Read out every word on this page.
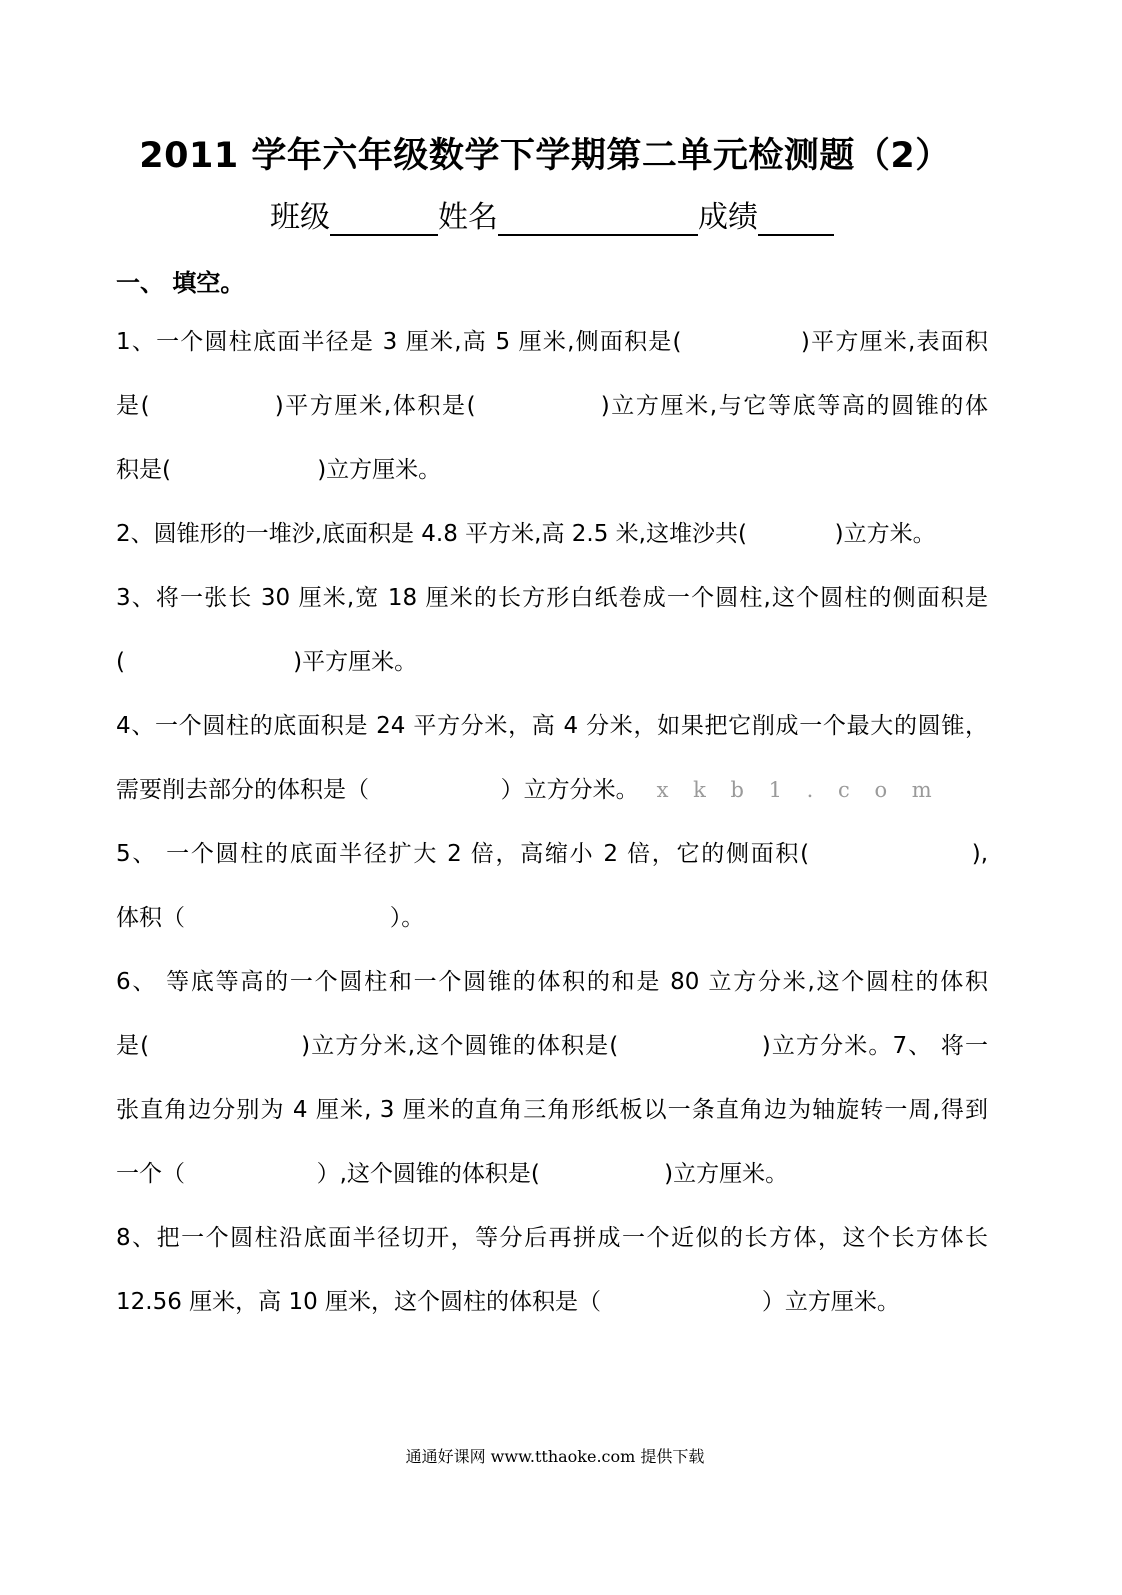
2011 学年六年级数学下学期第二单元检测题（2）
班级	姓名	成绩
一、 填空。
1、一个圆柱底面半径是 3 厘米,高 5 厘米,侧面积是(              )平方厘米,表面积
是(              )平方厘米,体积是(              )立方厘米,与它等底等高的圆锥的体
积是(                    )立方厘米。
2、圆锥形的一堆沙,底面积是 4.8 平方米,高 2.5 米,这堆沙共(            )立方米。
3、将一张长 30 厘米,宽 18 厘米的长方形白纸卷成一个圆柱,这个圆柱的侧面积是
(                       )平方厘米。
4、一个圆柱的底面积是 24 平方分米，高 4 分米，如果把它削成一个最大的圆锥，
需要削去部分的体积是（                  ）立方分米。 x k b 1 . c o m
5、 一个圆柱的底面半径扩大 2 倍，高缩小 2 倍，它的侧面积(                  ),
体积（                            ）。
6、 等底等高的一个圆柱和一个圆锥的体积的和是 80 立方分米,这个圆柱的体积
是(                  )立方分米,这个圆锥的体积是(                 )立方分米。7、 将一
张直角边分别为 4 厘米, 3 厘米的直角三角形纸板以一条直角边为轴旋转一周,得到
一个（                  ）,这个圆锥的体积是(                 )立方厘米。
8、把一个圆柱沿底面半径切开，等分后再拼成一个近似的长方体，这个长方体长
12.56 厘米，高 10 厘米，这个圆柱的体积是（                      ）立方厘米。
通通好课网 www.tthaoke.com 提供下载
